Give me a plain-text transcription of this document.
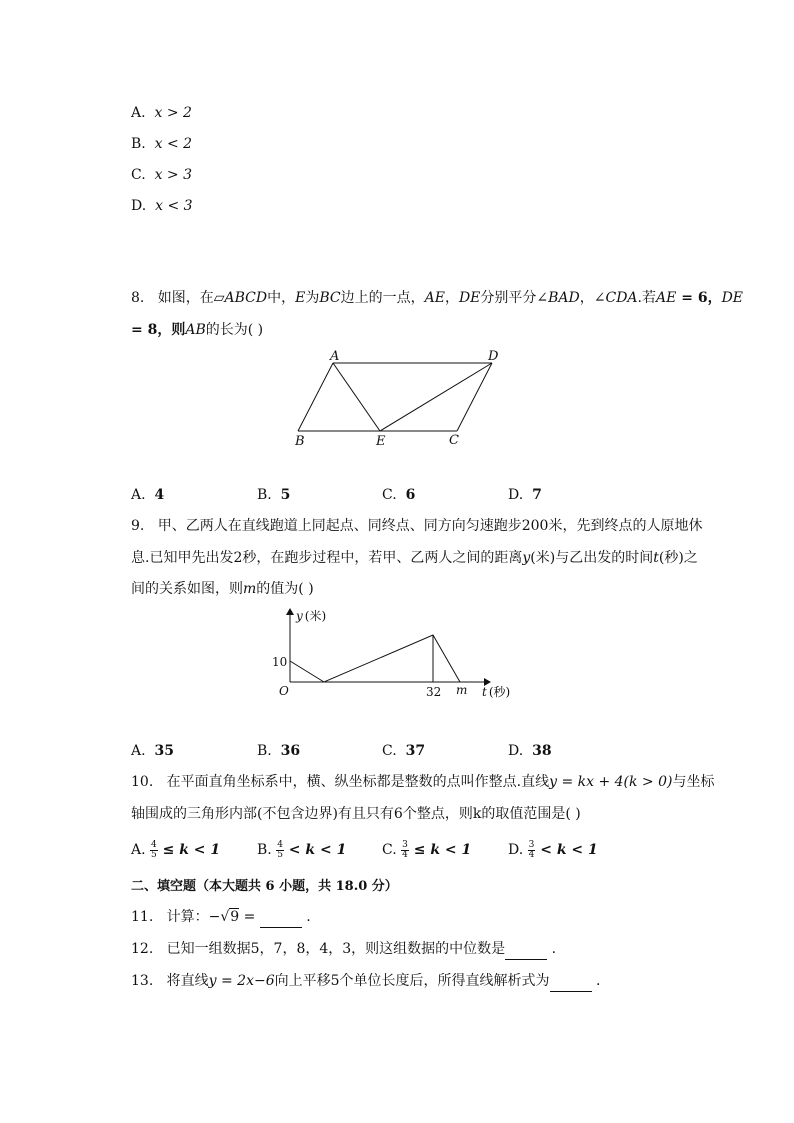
A. x > 2
B. x < 2
C. x > 3
D. x < 3
8. 如图，在▱ABCD中，E为BC边上的一点，AE，DE分别平分∠BAD，∠CDA.若AE = 6，DE
= 8，则AB的长为( )
A	D
B	E	C
A. 4	B. 5	C. 6	D. 7
9. 甲、乙两人在直线跑道上同起点、同终点、同方向匀速跑步200米，先到终点的人原地休
息.已知甲先出发2秒，在跑步过程中，若甲、乙两人之间的距离y(米)与乙出发的时间t(秒)之
间的关系如图，则m的值为( )
y (米)
10
O	32 m t (秒)
A. 35	B. 36	C. 37	D. 38
10. 在平面直角坐标系中，横、纵坐标都是整数的点叫作整点.直线y = kx + 4(k > 0)与坐标
轴围成的三角形内部(不包含边界)有且只有6个整点，则k的取值范围是( )
A. $\frac{4}{5} \le k < 1$	B. $\frac{4}{5} < k < 1$	C. $\frac{3}{4} \le k < 1$	D. $\frac{3}{4} < k < 1$
二、填空题（本大题共 6 小题，共 18.0 分）
11. 计算：−√9 =	.
12. 已知一组数据5，7，8，4，3，则这组数据的中位数是	.
13. 将直线y = 2x−6向上平移5个单位长度后，所得直线解析式为	.
